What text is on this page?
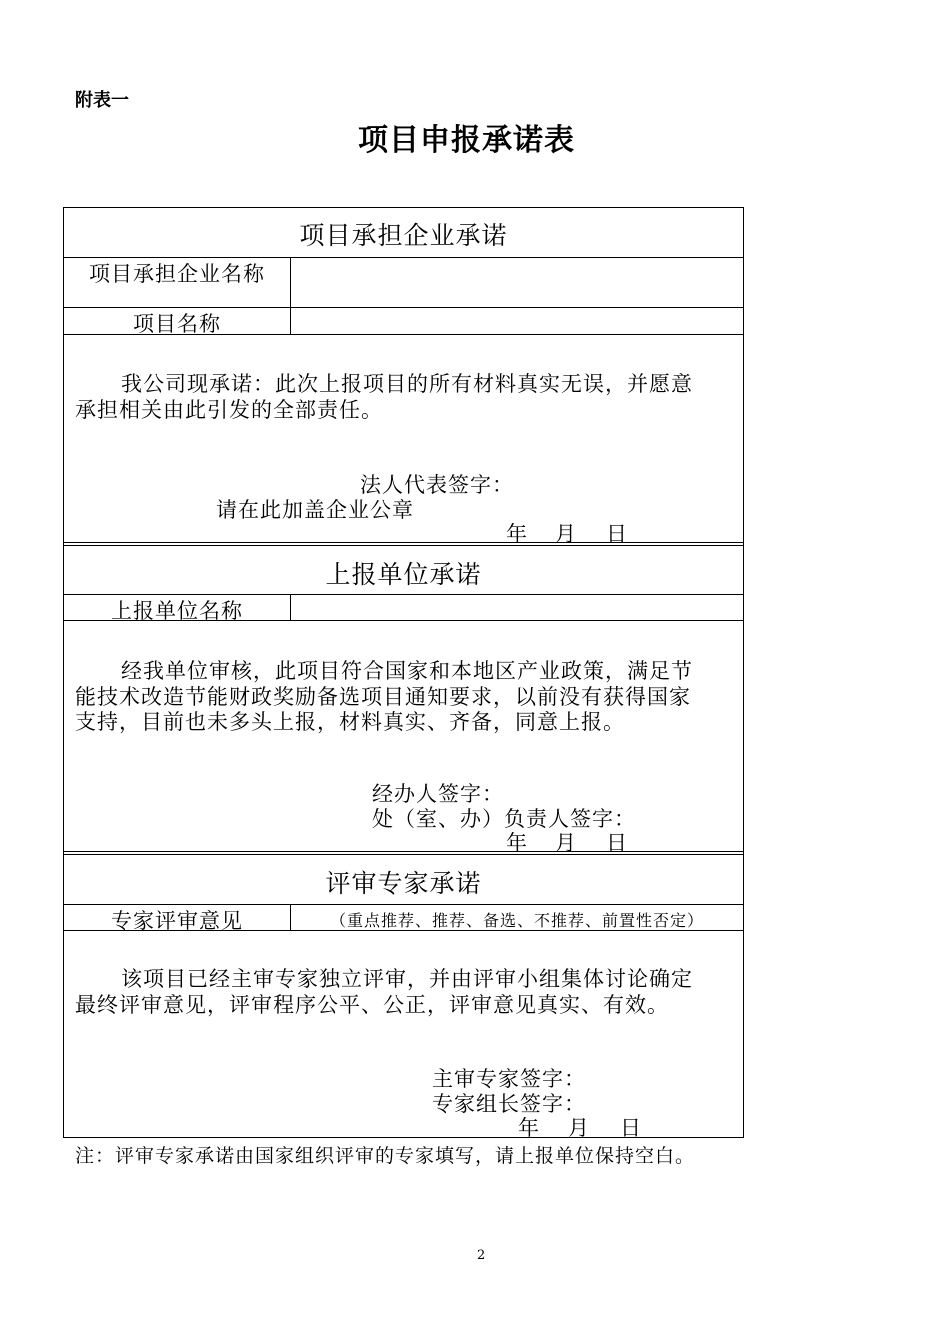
附表一
项目申报承诺表
项目承担企业承诺
项目承担企业名称
项目名称
我公司现承诺：此次上报项目的所有材料真实无误，并愿意
承担相关由此引发的全部责任。
法人代表签字：
请在此加盖企业公章
年 月 日
上报单位承诺
上报单位名称
经我单位审核，此项目符合国家和本地区产业政策，满足节
能技术改造节能财政奖励备选项目通知要求，以前没有获得国家
支持，目前也未多头上报，材料真实、齐备，同意上报。
经办人签字：
处（室、办）负责人签字：
年 月 日
评审专家承诺
专家评审意见	（重点推荐、推荐、备选、不推荐、前置性否定）
该项目已经主审专家独立评审，并由评审小组集体讨论确定
最终评审意见，评审程序公平、公正，评审意见真实、有效。
主审专家签字：
专家组长签字：
年 月 日
注：评审专家承诺由国家组织评审的专家填写，请上报单位保持空白。
2
